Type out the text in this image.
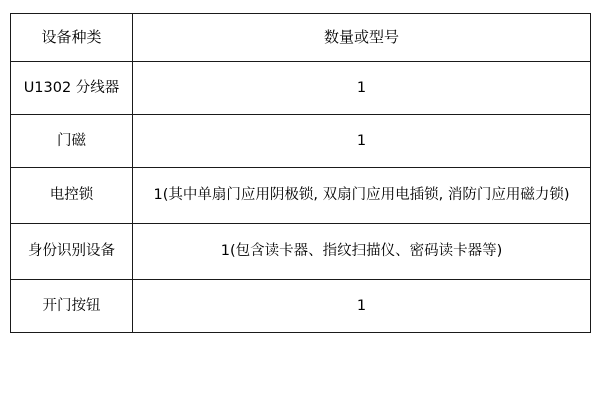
设备种类	数量或型号
U1302 分线器	1
门磁	1
电控锁	1(其中单扇门应用阴极锁, 双扇门应用电插锁, 消防门应用磁力锁)
身份识别设备	1(包含读卡器、指纹扫描仪、密码读卡器等)
开门按钮	1
